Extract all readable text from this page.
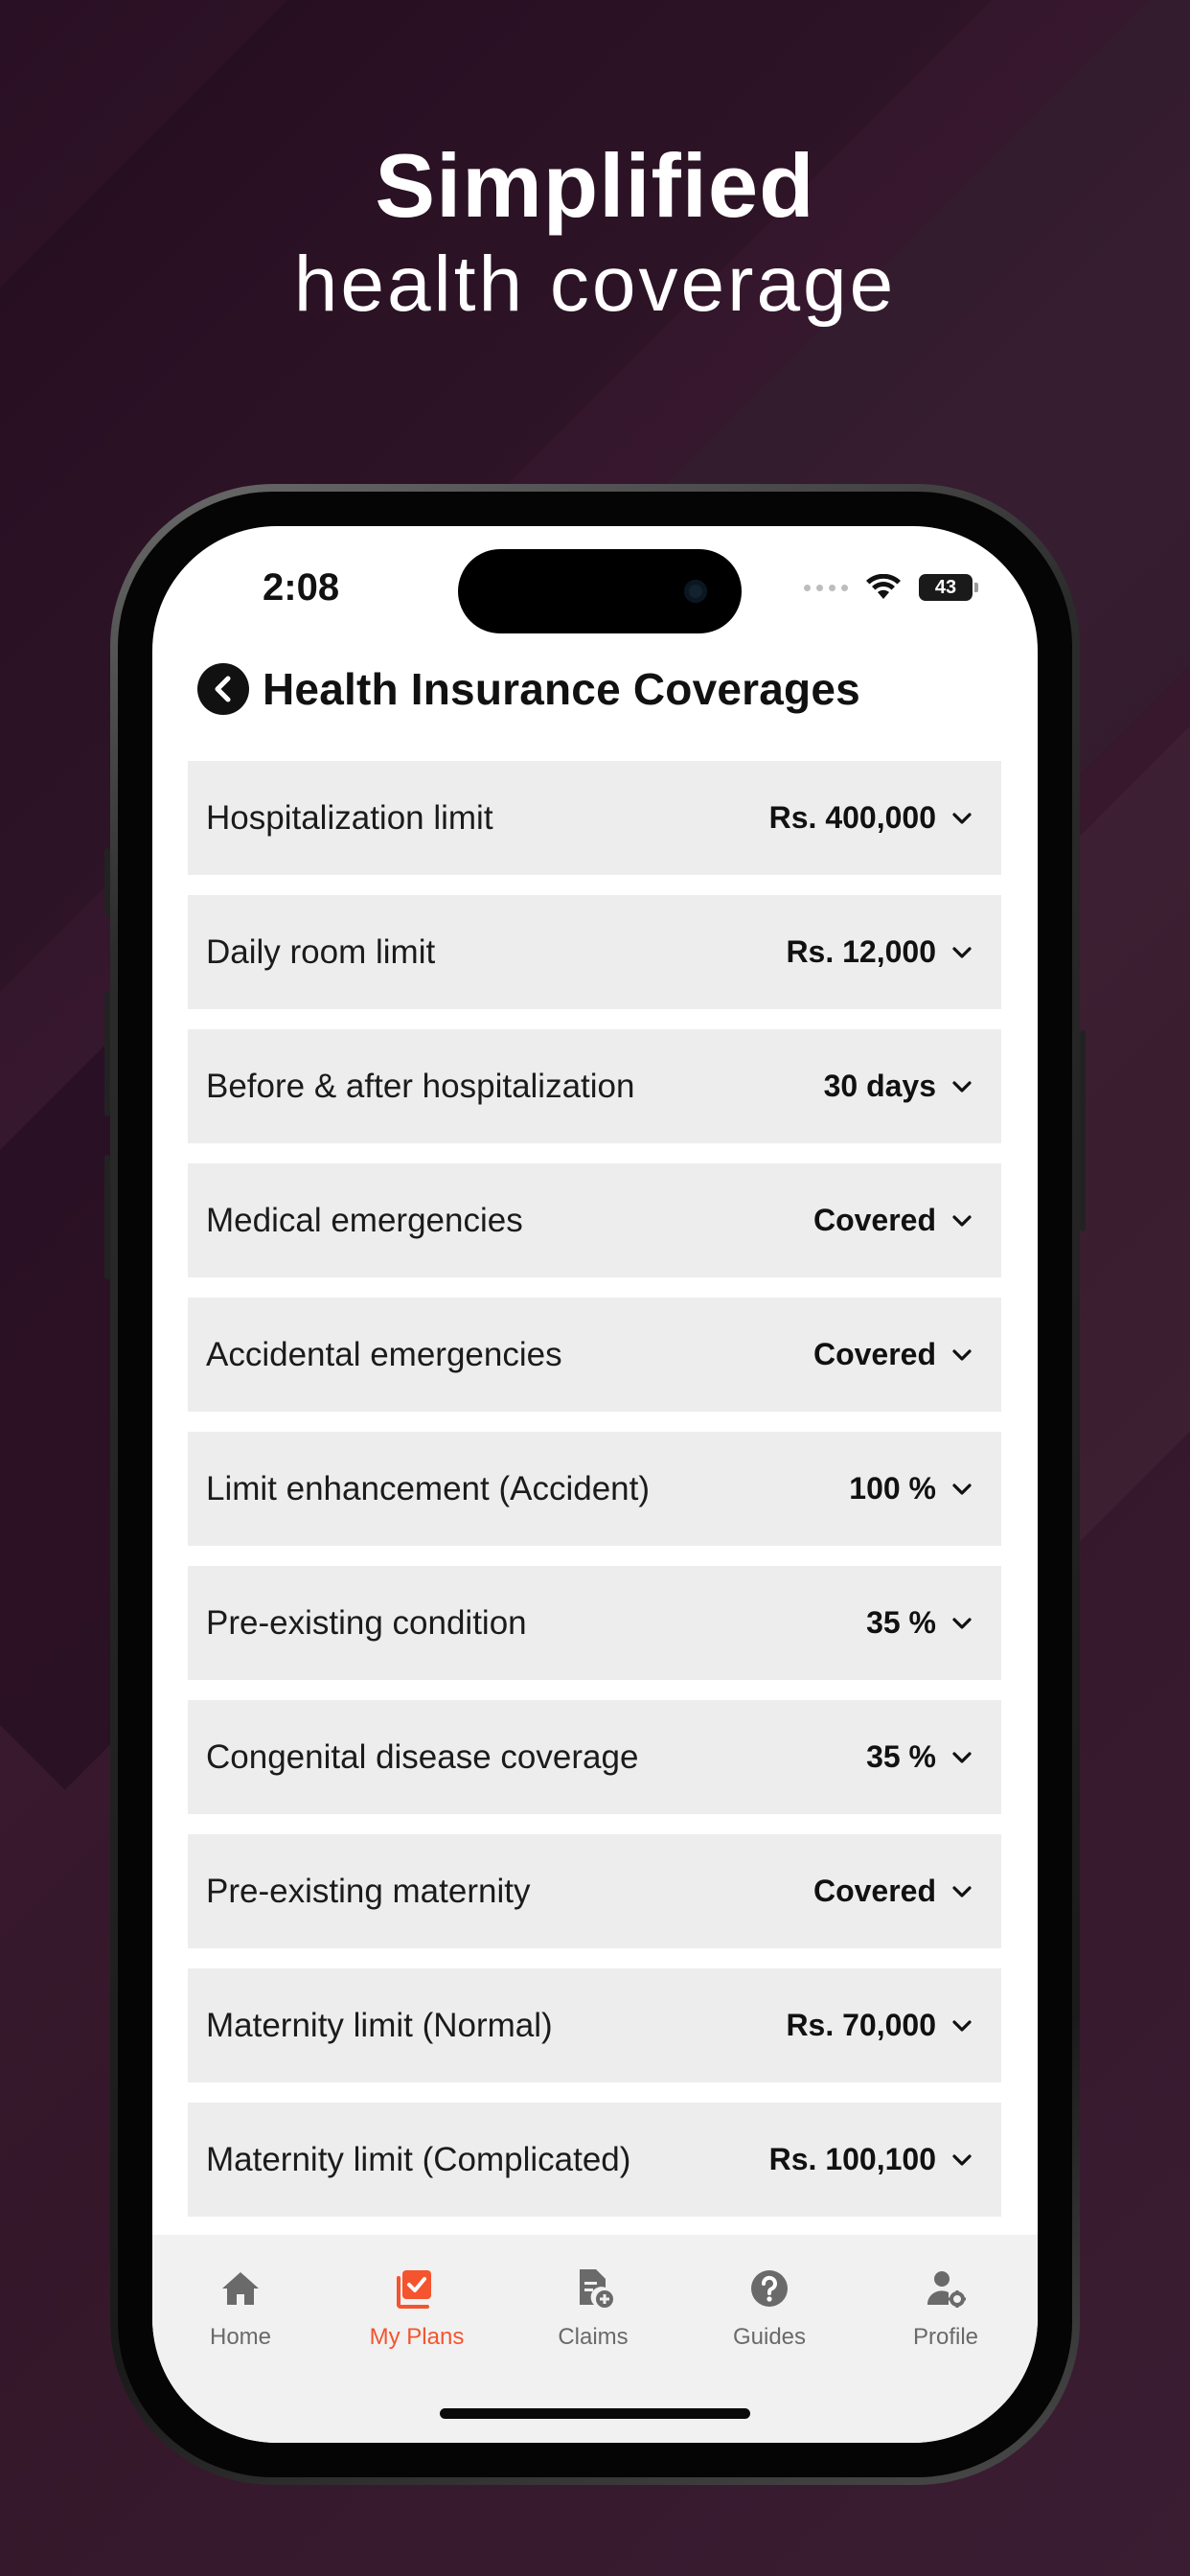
Simplified
health coverage
2:08	43
Health Insurance Coverages
Hospitalization limit	Rs. 400,000
Daily room limit	Rs. 12,000
Before & after hospitalization	30 days
Medical emergencies	Covered
Accidental emergencies	Covered
Limit enhancement (Accident)	100 %
Pre-existing condition	35 %
Congenital disease coverage	35 %
Pre-existing maternity	Covered
Maternity limit (Normal)	Rs. 70,000
Maternity limit (Complicated)	Rs. 100,100
Home	My Plans	Claims	Guides	Profile
